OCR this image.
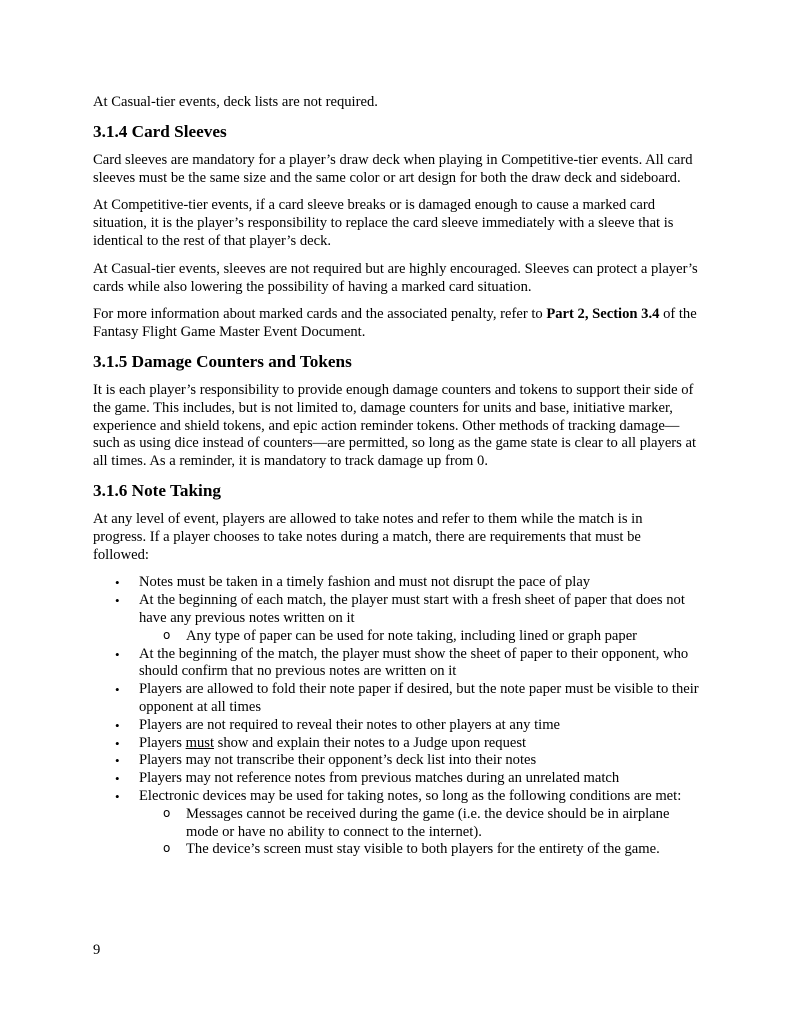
At Casual-tier events, deck lists are not required.

3.1.4 Card Sleeves

Card sleeves are mandatory for a player’s draw deck when playing in Competitive-tier events. All card sleeves must be the same size and the same color or art design for both the draw deck and sideboard.

At Competitive-tier events, if a card sleeve breaks or is damaged enough to cause a marked card situation, it is the player’s responsibility to replace the card sleeve immediately with a sleeve that is identical to the rest of that player’s deck.

At Casual-tier events, sleeves are not required but are highly encouraged. Sleeves can protect a player’s cards while also lowering the possibility of having a marked card situation.

For more information about marked cards and the associated penalty, refer to Part 2, Section 3.4 of the Fantasy Flight Game Master Event Document.

3.1.5 Damage Counters and Tokens

It is each player’s responsibility to provide enough damage counters and tokens to support their side of the game. This includes, but is not limited to, damage counters for units and base, initiative marker, experience and shield tokens, and epic action reminder tokens. Other methods of tracking damage—such as using dice instead of counters—are permitted, so long as the game state is clear to all players at all times. As a reminder, it is mandatory to track damage up from 0.

3.1.6 Note Taking

At any level of event, players are allowed to take notes and refer to them while the match is in progress. If a player chooses to take notes during a match, there are requirements that must be followed:

• Notes must be taken in a timely fashion and must not disrupt the pace of play
• At the beginning of each match, the player must start with a fresh sheet of paper that does not have any previous notes written on it
o Any type of paper can be used for note taking, including lined or graph paper
• At the beginning of the match, the player must show the sheet of paper to their opponent, who should confirm that no previous notes are written on it
• Players are allowed to fold their note paper if desired, but the note paper must be visible to their opponent at all times
• Players are not required to reveal their notes to other players at any time
• Players must show and explain their notes to a Judge upon request
• Players may not transcribe their opponent’s deck list into their notes
• Players may not reference notes from previous matches during an unrelated match
• Electronic devices may be used for taking notes, so long as the following conditions are met:
o Messages cannot be received during the game (i.e. the device should be in airplane mode or have no ability to connect to the internet).
o The device’s screen must stay visible to both players for the entirety of the game.
9
